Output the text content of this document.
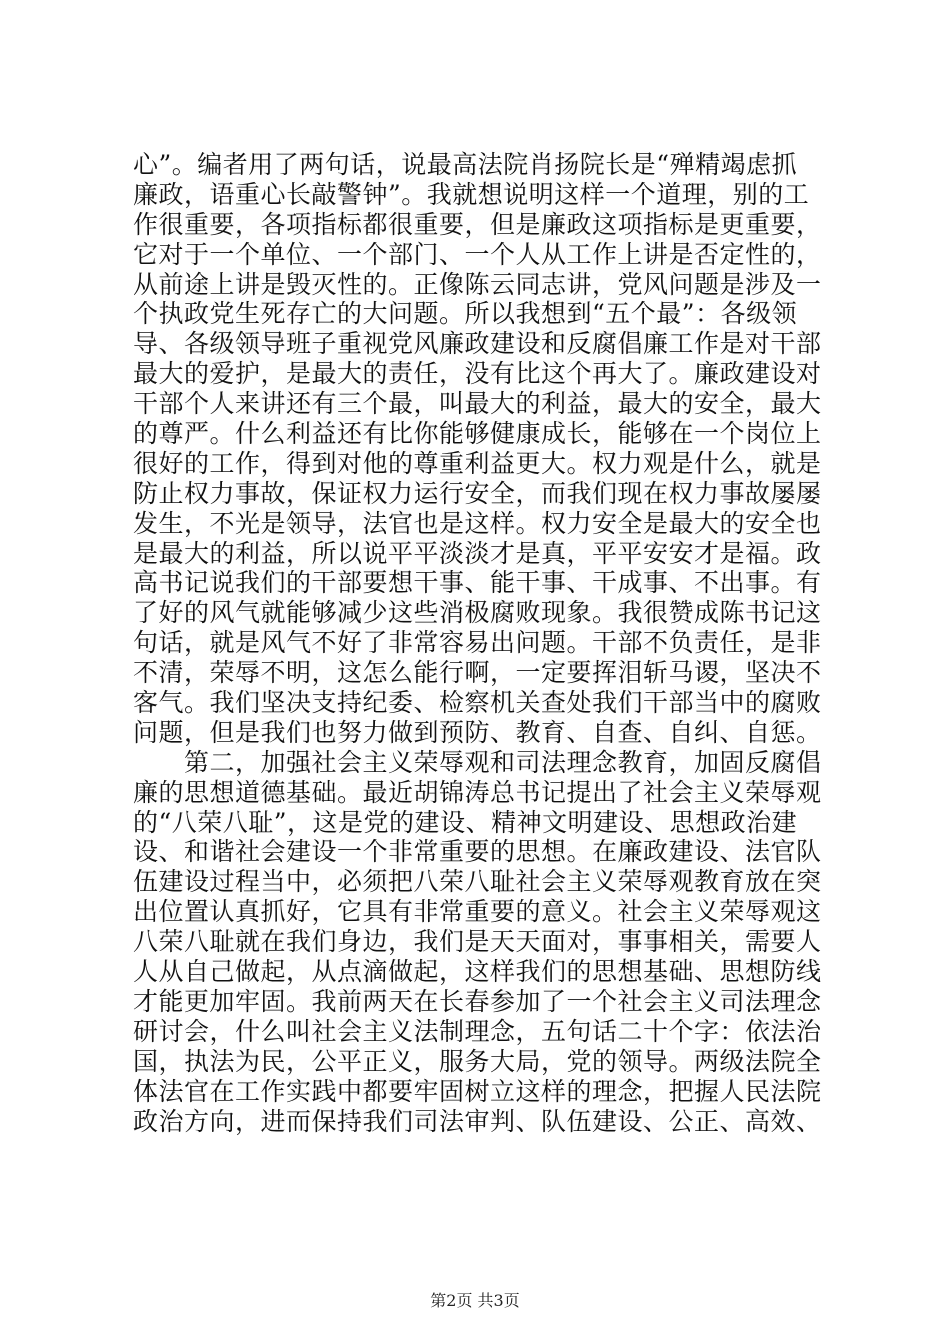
心”。编者用了两句话，说最高法院肖扬院长是“殚精竭虑抓
廉政，语重心长敲警钟”。我就想说明这样一个道理，别的工
作很重要，各项指标都很重要，但是廉政这项指标是更重要，
它对于一个单位、一个部门、一个人从工作上讲是否定性的，
从前途上讲是毁灭性的。正像陈云同志讲，党风问题是涉及一
个执政党生死存亡的大问题。所以我想到“五个最”：各级领
导、各级领导班子重视党风廉政建设和反腐倡廉工作是对干部
最大的爱护，是最大的责任，没有比这个再大了。廉政建设对
干部个人来讲还有三个最，叫最大的利益，最大的安全，最大
的尊严。什么利益还有比你能够健康成长，能够在一个岗位上
很好的工作，得到对他的尊重利益更大。权力观是什么，就是
防止权力事故，保证权力运行安全，而我们现在权力事故屡屡
发生，不光是领导，法官也是这样。权力安全是最大的安全也
是最大的利益，所以说平平淡淡才是真，平平安安才是福。政
高书记说我们的干部要想干事、能干事、干成事、不出事。有
了好的风气就能够减少这些消极腐败现象。我很赞成陈书记这
句话，就是风气不好了非常容易出问题。干部不负责任，是非
不清，荣辱不明，这怎么能行啊，一定要挥泪斩马谡，坚决不
客气。我们坚决支持纪委、检察机关查处我们干部当中的腐败
问题，但是我们也努力做到预防、教育、自查、自纠、自惩。
　　第二，加强社会主义荣辱观和司法理念教育，加固反腐倡
廉的思想道德基础。最近胡锦涛总书记提出了社会主义荣辱观
的“八荣八耻”，这是党的建设、精神文明建设、思想政治建
设、和谐社会建设一个非常重要的思想。在廉政建设、法官队
伍建设过程当中，必须把八荣八耻社会主义荣辱观教育放在突
出位置认真抓好，它具有非常重要的意义。社会主义荣辱观这
八荣八耻就在我们身边，我们是天天面对，事事相关，需要人
人从自己做起，从点滴做起，这样我们的思想基础、思想防线
才能更加牢固。我前两天在长春参加了一个社会主义司法理念
研讨会，什么叫社会主义法制理念，五句话二十个字：依法治
国，执法为民，公平正义，服务大局，党的领导。两级法院全
体法官在工作实践中都要牢固树立这样的理念，把握人民法院
政治方向，进而保持我们司法审判、队伍建设、公正、高效、
第2页 共3页
